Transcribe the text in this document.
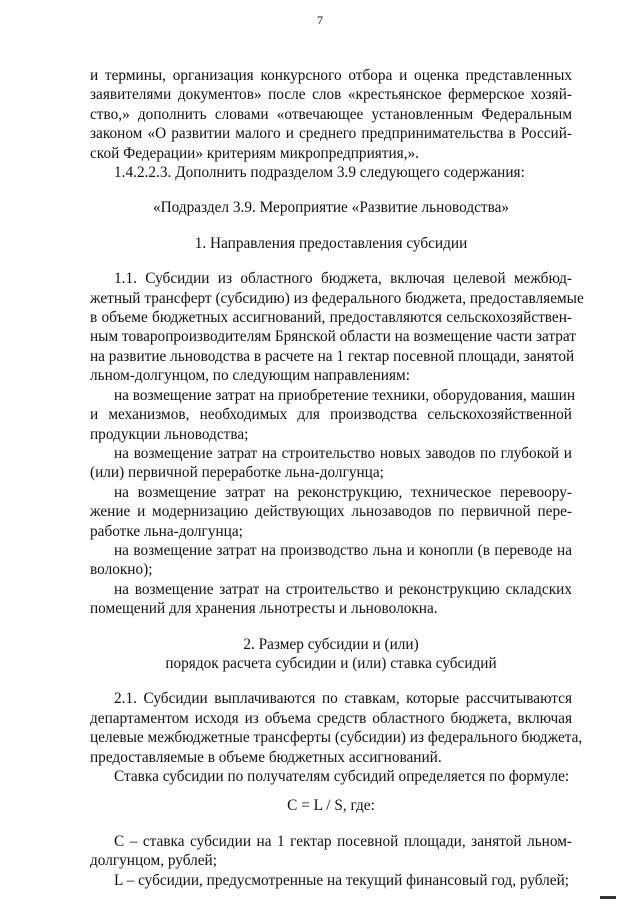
7
и термины, организация конкурсного отбора и оценка представленных
заявителями документов» после слов «крестьянское фермерское хозяй-
ство,» дополнить словами «отвечающее установленным Федеральным
законом «О развитии малого и среднего предпринимательства в Россий-
ской Федерации» критериям микропредприятия,».
1.4.2.2.3. Дополнить подразделом 3.9 следующего содержания:
«Подраздел 3.9. Мероприятие «Развитие льноводства»
1. Направления предоставления субсидии
1.1. Субсидии из областного бюджета, включая целевой межбюд-
жетный трансферт (субсидию) из федерального бюджета, предоставляемые
в объеме бюджетных ассигнований, предоставляются сельскохозяйствен-
ным товаропроизводителям Брянской области на возмещение части затрат
на развитие льноводства в расчете на 1 гектар посевной площади, занятой
льном-долгунцом, по следующим направлениям:
на возмещение затрат на приобретение техники, оборудования, машин
и механизмов, необходимых для производства сельскохозяйственной
продукции льноводства;
на возмещение затрат на строительство новых заводов по глубокой и
(или) первичной переработке льна-долгунца;
на возмещение затрат на реконструкцию, техническое перевоору-
жение и модернизацию действующих льнозаводов по первичной пере-
работке льна-долгунца;
на возмещение затрат на производство льна и конопли (в переводе на
волокно);
на возмещение затрат на строительство и реконструкцию складских
помещений для хранения льнотресты и льноволокна.
2. Размер субсидии и (или)
порядок расчета субсидии и (или) ставка субсидий
2.1. Субсидии выплачиваются по ставкам, которые рассчитываются
департаментом исходя из объема средств областного бюджета, включая
целевые межбюджетные трансферты (субсидии) из федерального бюджета,
предоставляемые в объеме бюджетных ассигнований.
Ставка субсидии по получателям субсидий определяется по формуле:
C = L / S, где:
С – ставка субсидии на 1 гектар посевной площади, занятой льном-
долгунцом, рублей;
L – субсидии, предусмотренные на текущий финансовый год, рублей;
